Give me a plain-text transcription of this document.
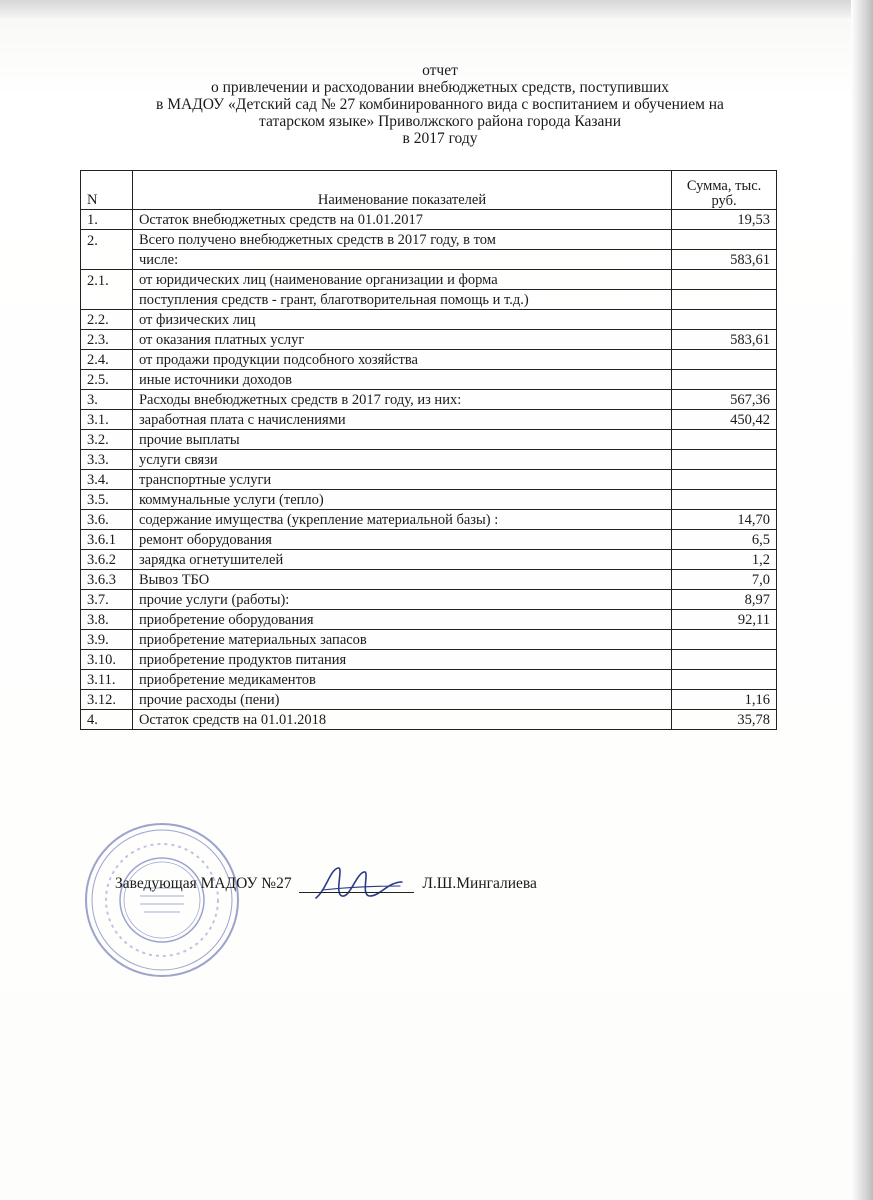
отчет
о привлечении и расходовании внебюджетных средств, поступивших
в МАДОУ «Детский сад № 27 комбинированного вида с воспитанием и обучением на
татарском языке» Приволжского района города Казани
в 2017 году
N	Наименование показателей	Сумма, тыс.
руб.
1.	Остаток внебюджетных средств на 01.01.2017	19,53
2.	Всего получено внебюджетных средств в 2017 году, в том	
	числе:	583,61
2.1.	от юридических лиц (наименование организации и форма	
	поступления средств - грант, благотворительная помощь и т.д.)	
2.2.	от физических лиц	
2.3.	от оказания платных услуг	583,61
2.4.	от продажи продукции подсобного хозяйства	
2.5.	иные источники доходов	
3.	Расходы внебюджетных средств в 2017 году, из них:	567,36
3.1.	заработная плата с начислениями	450,42
3.2.	прочие выплаты	
3.3.	услуги связи	
3.4.	транспортные услуги	
3.5.	коммунальные услуги (тепло)	
3.6.	содержание имущества (укрепление материальной базы) :	14,70
3.6.1	ремонт оборудования	6,5
3.6.2	зарядка огнетушителей	1,2
3.6.3	Вывоз ТБО	7,0
3.7.	прочие услуги (работы):	8,97
3.8.	приобретение оборудования	92,11
3.9.	приобретение материальных запасов	
3.10.	приобретение продуктов питания	
3.11.	приобретение медикаментов	
3.12.	прочие расходы (пени)	1,16
4.	Остаток средств на 01.01.2018	35,78
Заведующая МАДОУ №27	Л.Ш.Мингалиева
